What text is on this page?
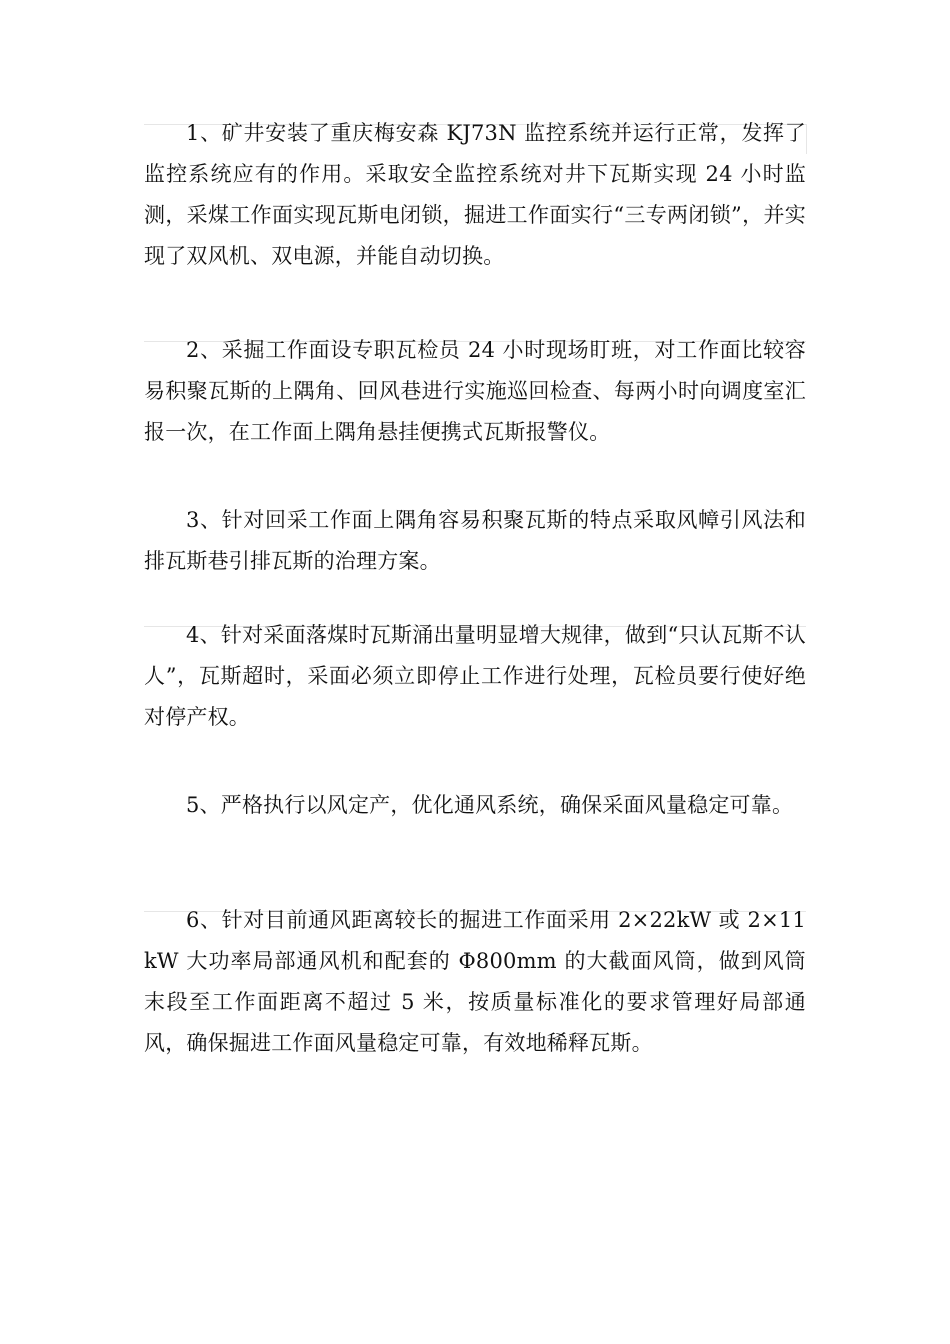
1、矿井安装了重庆梅安森 KJ73N 监控系统并运行正常，发挥了监控系统应有的作用。采取安全监控系统对井下瓦斯实现 24 小时监测，采煤工作面实现瓦斯电闭锁，掘进工作面实行“三专两闭锁”，并实现了双风机、双电源，并能自动切换。

2、采掘工作面设专职瓦检员 24 小时现场盯班，对工作面比较容易积聚瓦斯的上隅角、回风巷进行实施巡回检查、每两小时向调度室汇报一次，在工作面上隅角悬挂便携式瓦斯报警仪。

3、针对回采工作面上隅角容易积聚瓦斯的特点采取风幛引风法和排瓦斯巷引排瓦斯的治理方案。

4、针对采面落煤时瓦斯涌出量明显增大规律，做到“只认瓦斯不认人”，瓦斯超时，采面必须立即停止工作进行处理，瓦检员要行使好绝对停产权。

5、严格执行以风定产，优化通风系统，确保采面风量稳定可靠。

6、针对目前通风距离较长的掘进工作面采用 2×22kW 或 2×11kW 大功率局部通风机和配套的 Φ800mm 的大截面风筒，做到风筒末段至工作面距离不超过 5 米，按质量标准化的要求管理好局部通风，确保掘进工作面风量稳定可靠，有效地稀释瓦斯。
